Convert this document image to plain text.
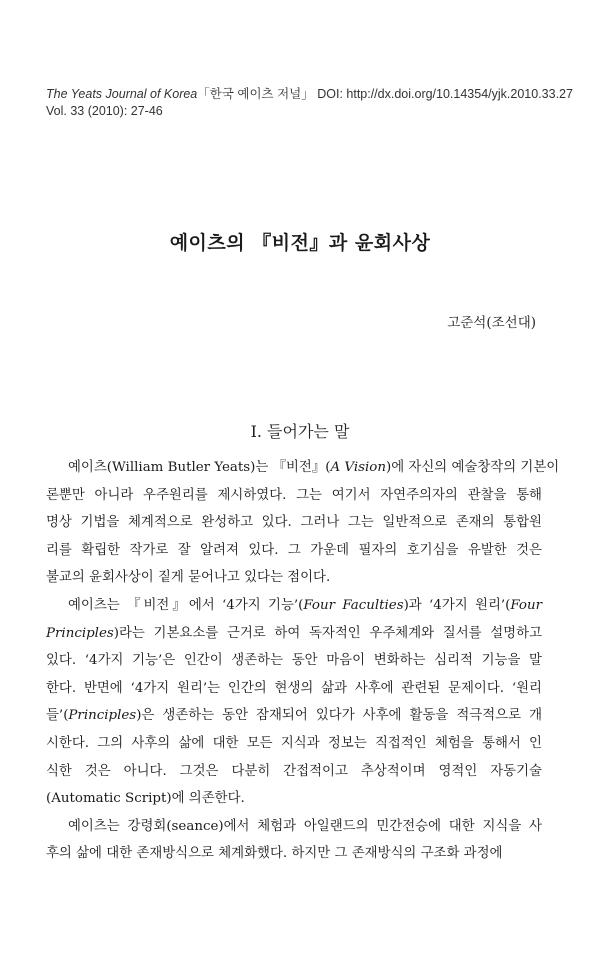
The Yeats Journal of Korea「한국 예이츠 저널」 DOI: http://dx.doi.org/10.14354/yjk.2010.33.27
Vol. 33 (2010): 27-46
예이츠의 『비전』과 윤회사상
고준석(조선대)
I. 들어가는 말

예이츠(William Butler Yeats)는 『비전』(A Vision)에 자신의 예술창작의 기본이
론뿐만 아니라 우주원리를 제시하였다. 그는 여기서 자연주의자의 관찰을 통해
명상 기법을 체계적으로 완성하고 있다. 그러나 그는 일반적으로 존재의 통합원
리를 확립한 작가로 잘 알려져 있다. 그 가운데 필자의 호기심을 유발한 것은
불교의 윤회사상이 짙게 묻어나고 있다는 점이다.

예이츠는 『비전』에서 ‘4가지 기능’(Four Faculties)과 ‘4가지 원리’(Four
Principles)라는 기본요소를 근거로 하여 독자적인 우주체계와 질서를 설명하고
있다. ‘4가지 기능’은 인간이 생존하는 동안 마음이 변화하는 심리적 기능을 말
한다. 반면에 ‘4가지 원리’는 인간의 현생의 삶과 사후에 관련된 문제이다. ‘원리
들’(Principles)은 생존하는 동안 잠재되어 있다가 사후에 활동을 적극적으로 개
시한다. 그의 사후의 삶에 대한 모든 지식과 정보는 직접적인 체험을 통해서 인
식한 것은 아니다. 그것은 다분히 간접적이고 추상적이며 영적인 자동기술
(Automatic Script)에 의존한다.

예이츠는 강령회(seance)에서 체험과 아일랜드의 민간전승에 대한 지식을 사
후의 삶에 대한 존재방식으로 체계화했다. 하지만 그 존재방식의 구조화 과정에
